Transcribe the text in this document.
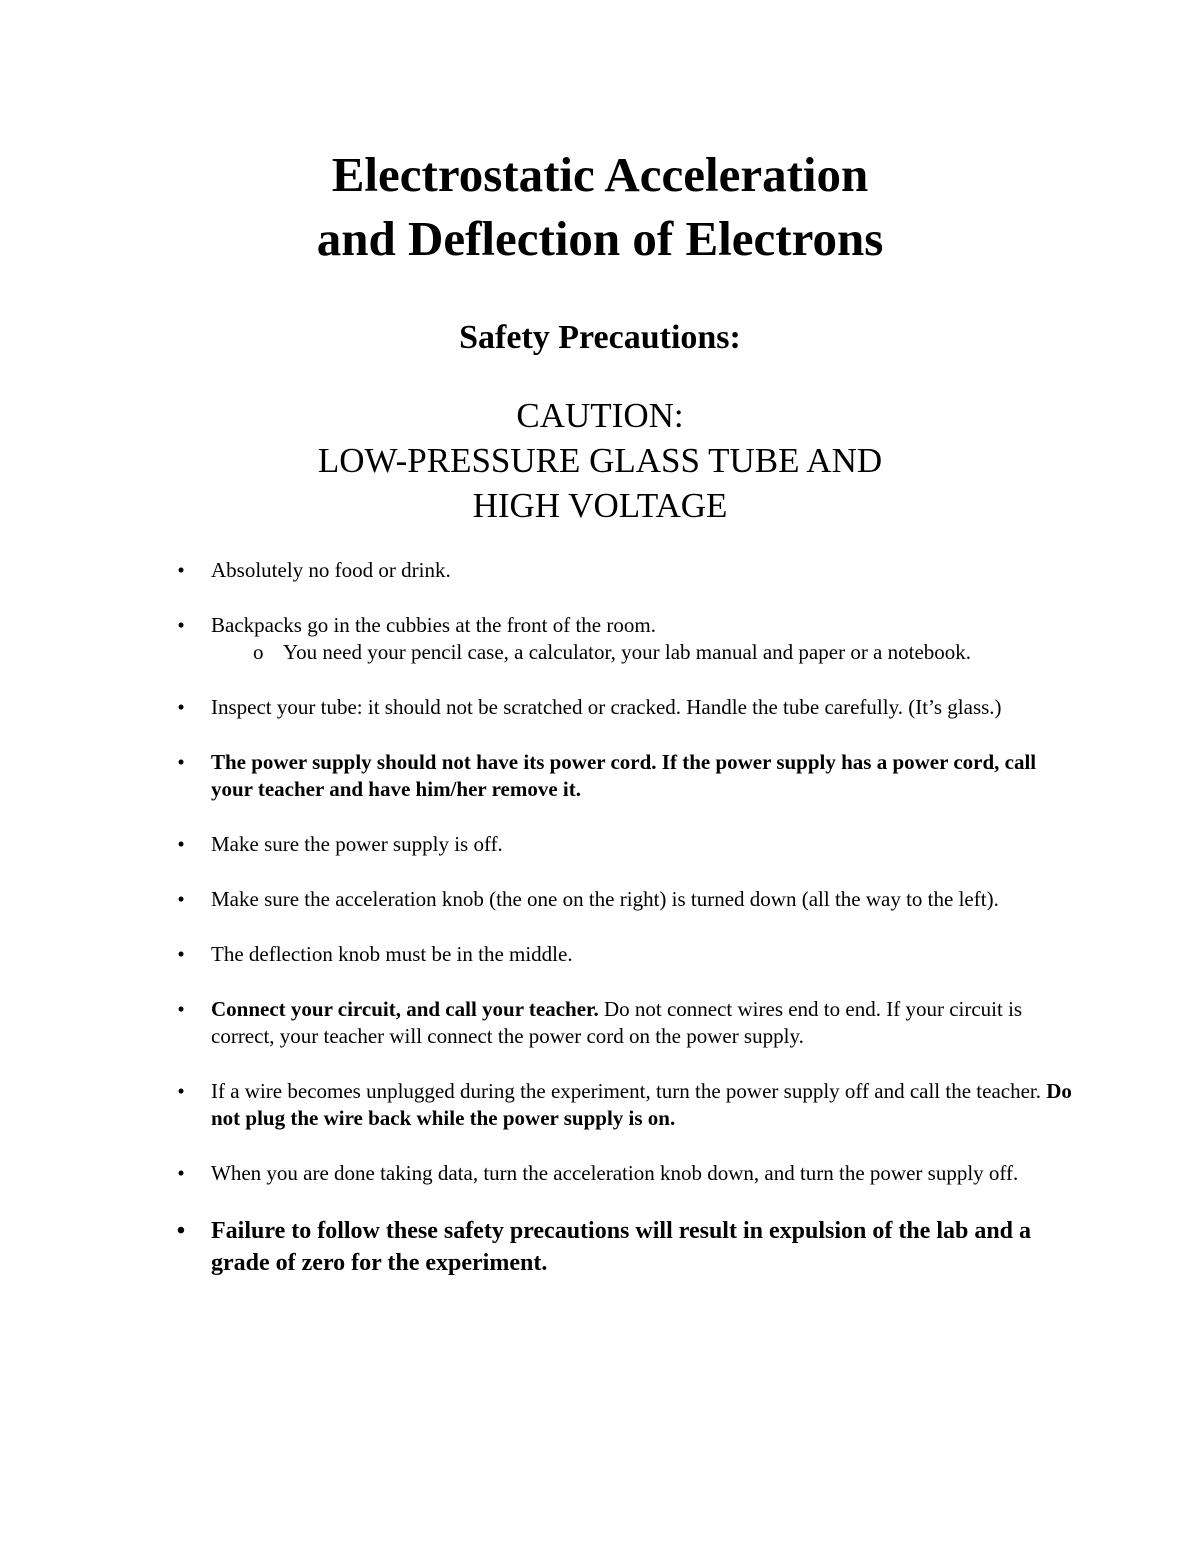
Electrostatic Acceleration
and Deflection of Electrons
Safety Precautions:
CAUTION:
LOW-PRESSURE GLASS TUBE AND
HIGH VOLTAGE
• Absolutely no food or drink.
• Backpacks go in the cubbies at the front of the room.
o You need your pencil case, a calculator, your lab manual and paper or a notebook.
• Inspect your tube: it should not be scratched or cracked. Handle the tube carefully. (It’s glass.)
• The power supply should not have its power cord. If the power supply has a power cord, call your teacher and have him/her remove it.
• Make sure the power supply is off.
• Make sure the acceleration knob (the one on the right) is turned down (all the way to the left).
• The deflection knob must be in the middle.
• Connect your circuit, and call your teacher. Do not connect wires end to end. If your circuit is correct, your teacher will connect the power cord on the power supply.
• If a wire becomes unplugged during the experiment, turn the power supply off and call the teacher. Do not plug the wire back while the power supply is on.
• When you are done taking data, turn the acceleration knob down, and turn the power supply off.
• Failure to follow these safety precautions will result in expulsion of the lab and a grade of zero for the experiment.
